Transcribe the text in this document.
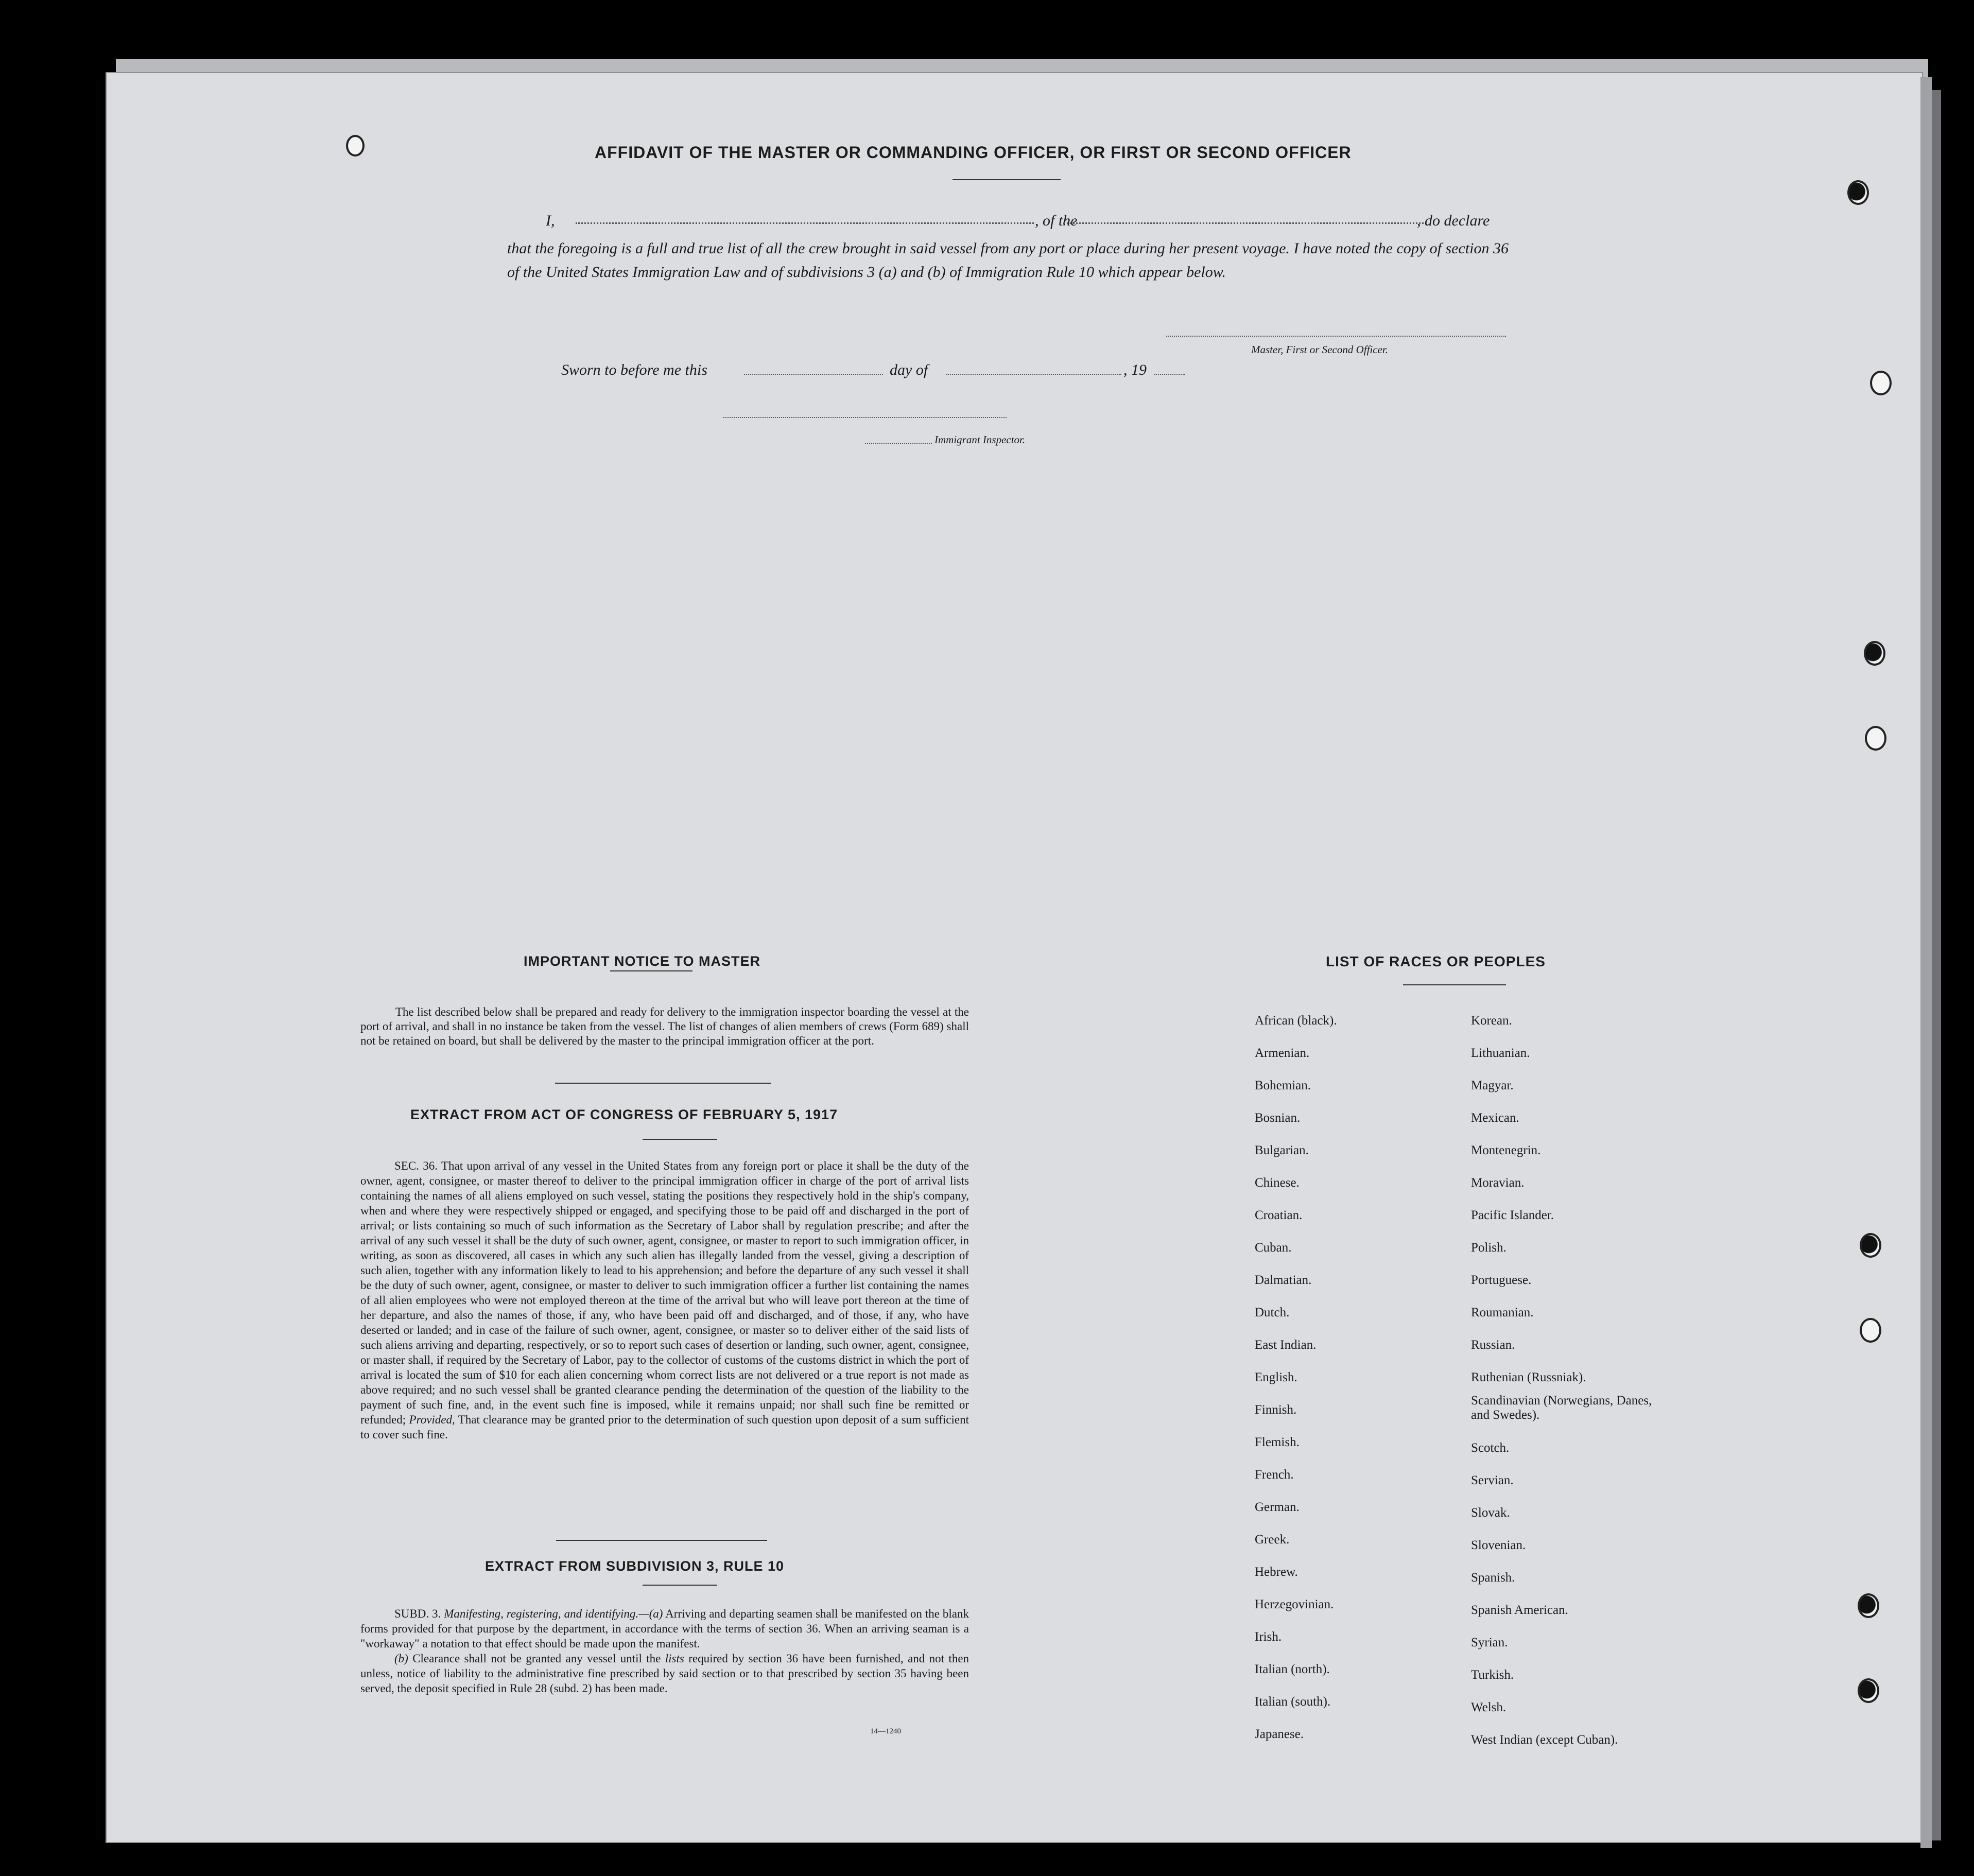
AFFIDAVIT OF THE MASTER OR COMMANDING OFFICER, OR FIRST OR SECOND OFFICER
I,	, of the	, do declare
that the foregoing is a full and true list of all the crew brought in said vessel from any port or place during her present voyage. I have noted the copy of section 36 of the United States Immigration Law and of subdivisions 3 (a) and (b) of Immigration Rule 10 which appear below.
Master, First or Second Officer.
Sworn to before me this	day of	, 19
Immigrant Inspector.
IMPORTANT NOTICE TO MASTER
The list described below shall be prepared and ready for delivery to the immigration inspector boarding the vessel at the port of arrival, and shall in no instance be taken from the vessel. The list of changes of alien members of crews (Form 689) shall not be retained on board, but shall be delivered by the master to the principal immigration officer at the port.
EXTRACT FROM ACT OF CONGRESS OF FEBRUARY 5, 1917
SEC. 36. That upon arrival of any vessel in the United States from any foreign port or place it shall be the duty of the owner, agent, consignee, or master thereof to deliver to the principal immigration officer in charge of the port of arrival lists containing the names of all aliens employed on such vessel, stating the positions they respectively hold in the ship's company, when and where they were respectively shipped or engaged, and specifying those to be paid off and discharged in the port of arrival; or lists containing so much of such information as the Secretary of Labor shall by regulation prescribe; and after the arrival of any such vessel it shall be the duty of such owner, agent, consignee, or master to report to such immigration officer, in writing, as soon as discovered, all cases in which any such alien has illegally landed from the vessel, giving a description of such alien, together with any information likely to lead to his apprehension; and before the departure of any such vessel it shall be the duty of such owner, agent, consignee, or master to deliver to such immigration officer a further list containing the names of all alien employees who were not employed thereon at the time of the arrival but who will leave port thereon at the time of her departure, and also the names of those, if any, who have been paid off and discharged, and of those, if any, who have deserted or landed; and in case of the failure of such owner, agent, consignee, or master so to deliver either of the said lists of such aliens arriving and departing, respectively, or so to report such cases of desertion or landing, such owner, agent, consignee, or master shall, if required by the Secretary of Labor, pay to the collector of customs of the customs district in which the port of arrival is located the sum of $10 for each alien concerning whom correct lists are not delivered or a true report is not made as above required; and no such vessel shall be granted clearance pending the determination of the question of the liability to the payment of such fine, and, in the event such fine is imposed, while it remains unpaid; nor shall such fine be remitted or refunded; Provided, That clearance may be granted prior to the determination of such question upon deposit of a sum sufficient to cover such fine.
EXTRACT FROM SUBDIVISION 3, RULE 10
SUBD. 3. Manifesting, registering, and identifying.—(a) Arriving and departing seamen shall be manifested on the blank forms provided for that purpose by the department, in accordance with the terms of section 36. When an arriving seaman is a "workaway" a notation to that effect should be made upon the manifest.
(b) Clearance shall not be granted any vessel until the lists required by section 36 have been furnished, and not then unless, notice of liability to the administrative fine prescribed by said section or to that prescribed by section 35 having been served, the deposit specified in Rule 28 (subd. 2) has been made.
14—1240
LIST OF RACES OR PEOPLES
African (black).
Armenian.
Bohemian.
Bosnian.
Bulgarian.
Chinese.
Croatian.
Cuban.
Dalmatian.
Dutch.
East Indian.
English.
Finnish.
Flemish.
French.
German.
Greek.
Hebrew.
Herzegovinian.
Irish.
Italian (north).
Italian (south).
Japanese.
Korean.
Lithuanian.
Magyar.
Mexican.
Montenegrin.
Moravian.
Pacific Islander.
Polish.
Portuguese.
Roumanian.
Russian.
Ruthenian (Russniak).
Scandinavian (Norwegians, Danes, and Swedes).
Scotch.
Servian.
Slovak.
Slovenian.
Spanish.
Spanish American.
Syrian.
Turkish.
Welsh.
West Indian (except Cuban).
